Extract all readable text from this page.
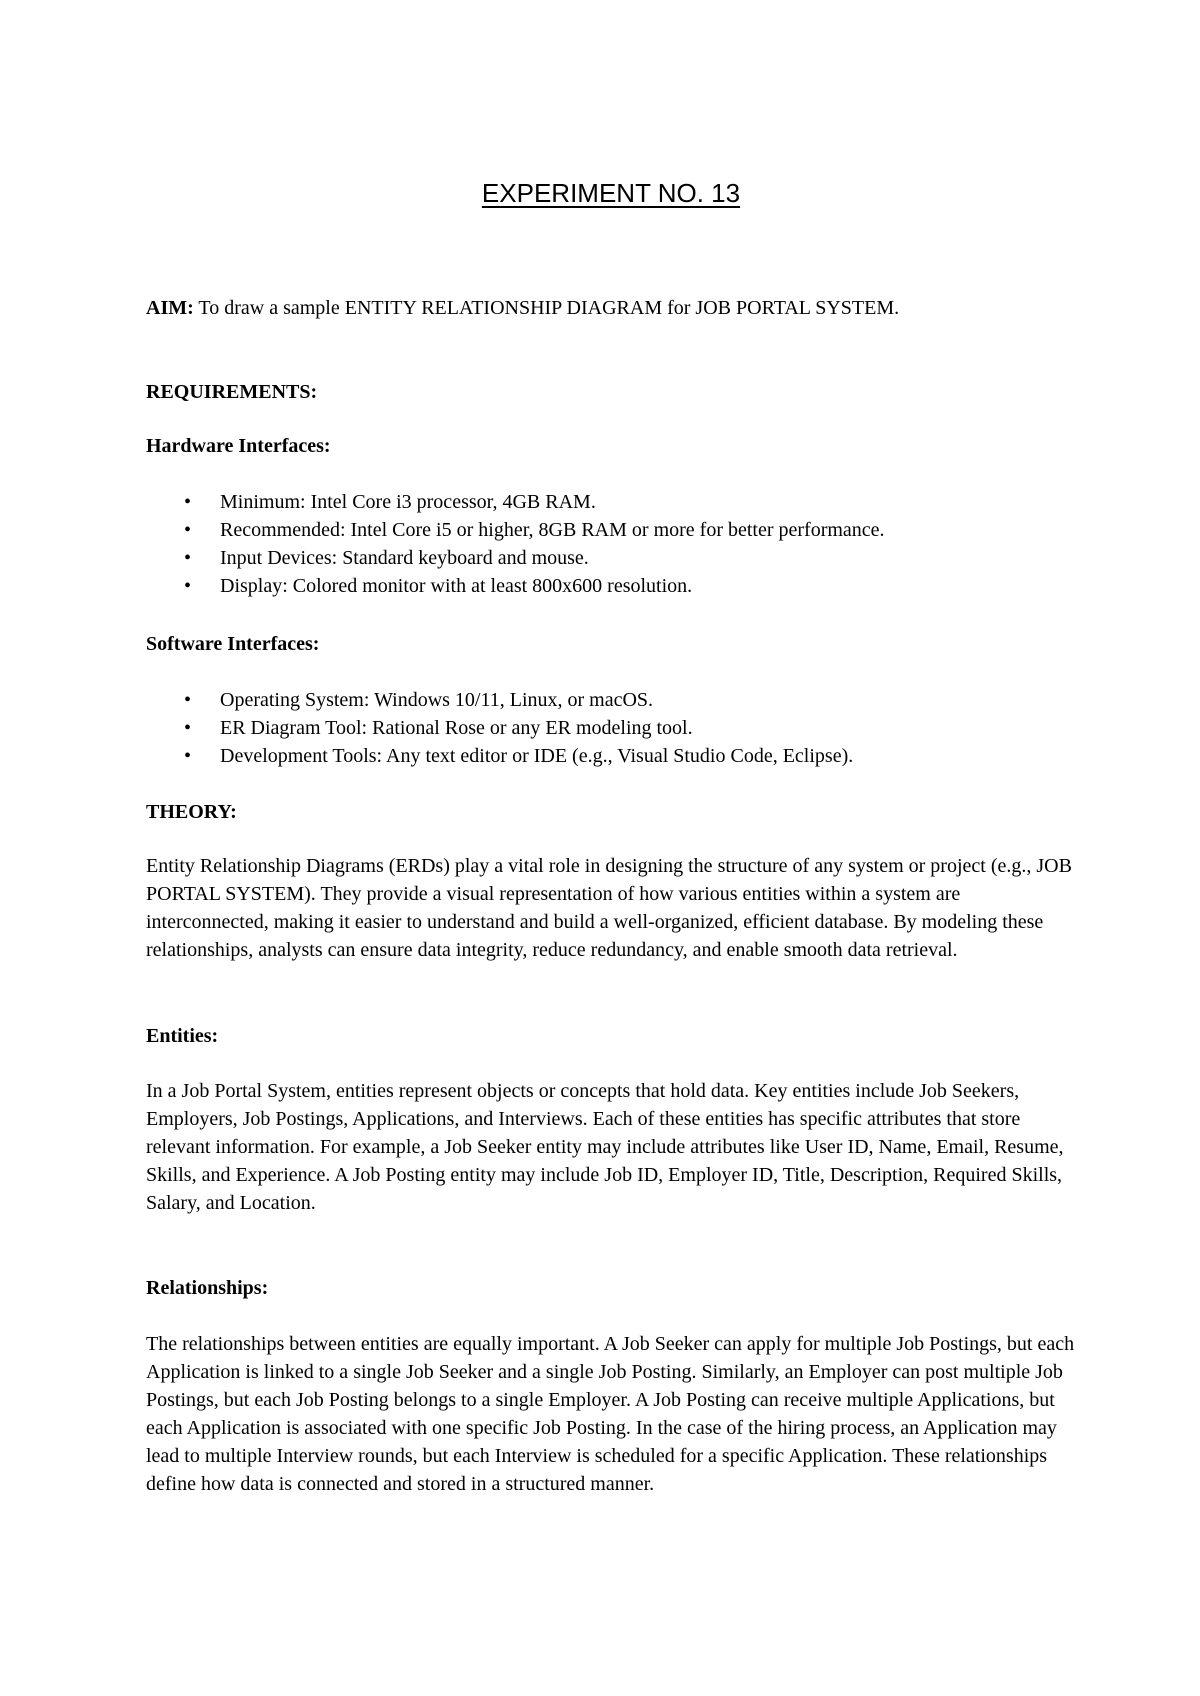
EXPERIMENT NO. 13

AIM: To draw a sample ENTITY RELATIONSHIP DIAGRAM for JOB PORTAL SYSTEM.

REQUIREMENTS:

Hardware Interfaces:

• Minimum: Intel Core i3 processor, 4GB RAM.
• Recommended: Intel Core i5 or higher, 8GB RAM or more for better performance.
• Input Devices: Standard keyboard and mouse.
• Display: Colored monitor with at least 800x600 resolution.

Software Interfaces:

• Operating System: Windows 10/11, Linux, or macOS.
• ER Diagram Tool: Rational Rose or any ER modeling tool.
• Development Tools: Any text editor or IDE (e.g., Visual Studio Code, Eclipse).

THEORY:

Entity Relationship Diagrams (ERDs) play a vital role in designing the structure of any system or project (e.g., JOB PORTAL SYSTEM). They provide a visual representation of how various entities within a system are interconnected, making it easier to understand and build a well-organized, efficient database. By modeling these relationships, analysts can ensure data integrity, reduce redundancy, and enable smooth data retrieval.

Entities:

In a Job Portal System, entities represent objects or concepts that hold data. Key entities include Job Seekers, Employers, Job Postings, Applications, and Interviews. Each of these entities has specific attributes that store relevant information. For example, a Job Seeker entity may include attributes like User ID, Name, Email, Resume, Skills, and Experience. A Job Posting entity may include Job ID, Employer ID, Title, Description, Required Skills, Salary, and Location.

Relationships:

The relationships between entities are equally important. A Job Seeker can apply for multiple Job Postings, but each Application is linked to a single Job Seeker and a single Job Posting. Similarly, an Employer can post multiple Job Postings, but each Job Posting belongs to a single Employer. A Job Posting can receive multiple Applications, but each Application is associated with one specific Job Posting. In the case of the hiring process, an Application may lead to multiple Interview rounds, but each Interview is scheduled for a specific Application. These relationships define how data is connected and stored in a structured manner.
